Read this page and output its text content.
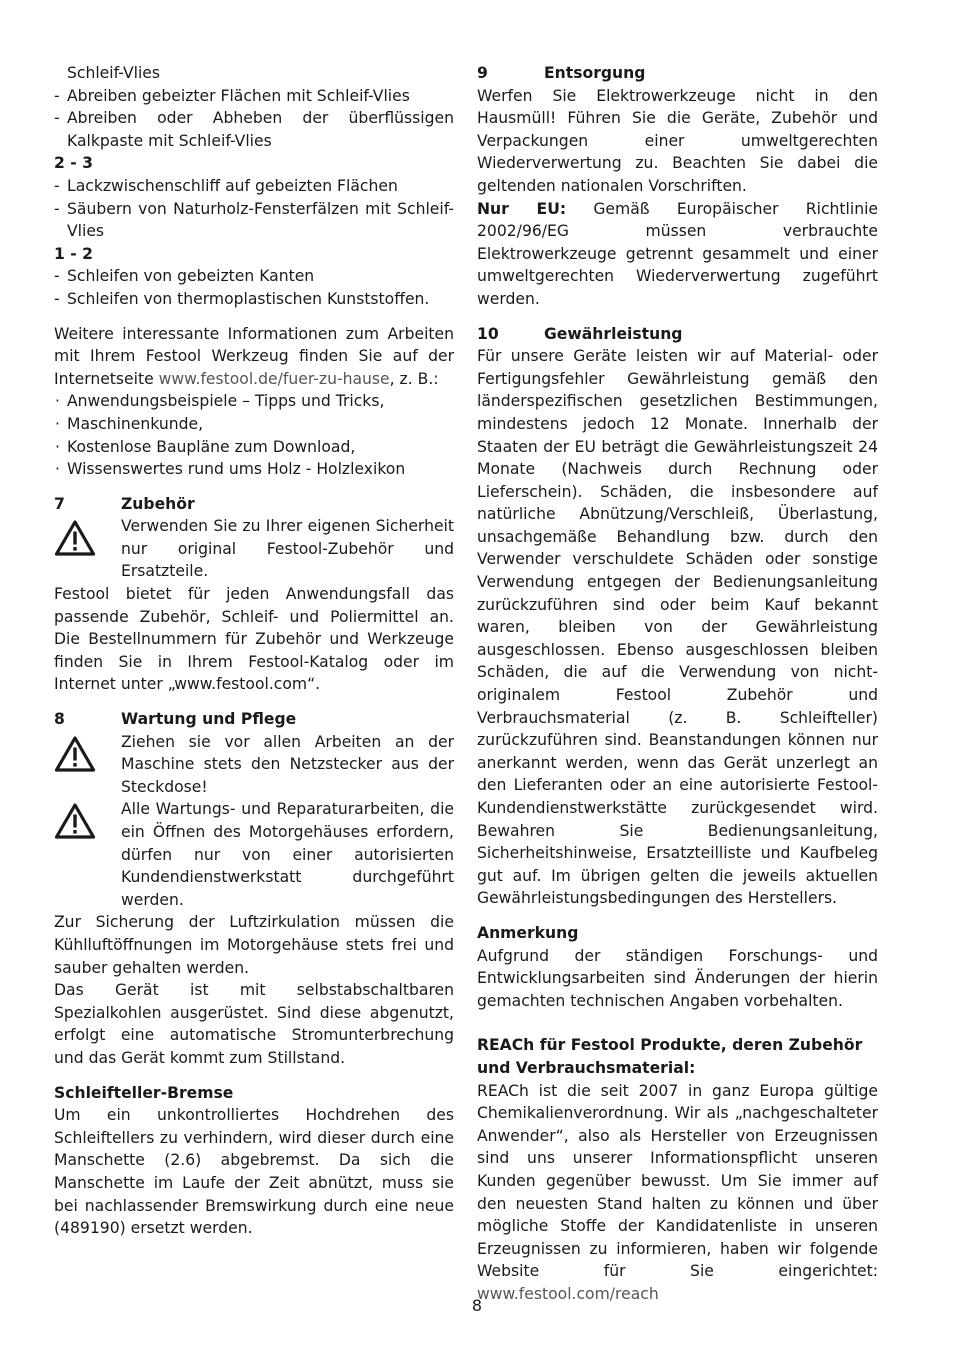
Schleif-Vlies

- Abreiben gebeizter Flächen mit Schleif-Vlies

- Abreiben oder Abheben der überflüssigen Kalkpaste mit Schleif-Vlies

2 - 3

- Lackzwischenschliff auf gebeizten Flächen

- Säubern von Naturholz-Fensterfälzen mit Schleif-Vlies

1 - 2

- Schleifen von gebeizten Kanten

- Schleifen von thermoplastischen Kunststoffen.

Weitere interessante Informationen zum Arbeiten mit Ihrem Festool Werkzeug finden Sie auf der Internetseite www.festool.de/fuer-zu-hause, z. B.:

· Anwendungsbeispiele – Tipps und Tricks,

· Maschinenkunde,

· Kostenlose Baupläne zum Download,

· Wissenswertes rund ums Holz - Holzlexikon

7	Zubehör

Verwenden Sie zu Ihrer eigenen Sicherheit nur original Festool-Zubehör und Ersatzteile.

Festool bietet für jeden Anwendungsfall das passende Zubehör, Schleif- und Poliermittel an. Die Bestellnummern für Zubehör und Werkzeuge finden Sie in Ihrem Festool-Katalog oder im Internet unter „www.festool.com“.

8	Wartung und Pflege

Ziehen sie vor allen Arbeiten an der Maschine stets den Netzstecker aus der Steckdose!

Alle Wartungs- und Reparaturarbeiten, die ein Öffnen des Motorgehäuses erfordern, dürfen nur von einer autorisierten Kundendienstwerkstatt durchgeführt werden.

Zur Sicherung der Luftzirkulation müssen die Kühlluftöffnungen im Motorgehäuse stets frei und sauber gehalten werden.

Das Gerät ist mit selbstabschaltbaren Spezialkohlen ausgerüstet. Sind diese abgenutzt, erfolgt eine automatische Stromunterbrechung und das Gerät kommt zum Stillstand.

Schleifteller-Bremse

Um ein unkontrolliertes Hochdrehen des Schleiftellers zu verhindern, wird dieser durch eine Manschette (2.6) abgebremst. Da sich die Manschette im Laufe der Zeit abnützt, muss sie bei nachlassender Bremswirkung durch eine neue (489190) ersetzt werden.

9	Entsorgung

Werfen Sie Elektrowerkzeuge nicht in den Hausmüll! Führen Sie die Geräte, Zubehör und Verpackungen einer umweltgerechten Wiederverwertung zu. Beachten Sie dabei die geltenden nationalen Vorschriften.

Nur EU: Gemäß Europäischer Richtlinie 2002/96/EG müssen verbrauchte Elektrowerkzeuge getrennt gesammelt und einer umweltgerechten Wiederverwertung zugeführt werden.

10	Gewährleistung

Für unsere Geräte leisten wir auf Material- oder Fertigungsfehler Gewährleistung gemäß den länderspezifischen gesetzlichen Bestimmungen, mindestens jedoch 12 Monate. Innerhalb der Staaten der EU beträgt die Gewährleistungszeit 24 Monate (Nachweis durch Rechnung oder Lieferschein). Schäden, die insbesondere auf natürliche Abnützung/Verschleiß, Überlastung, unsachgemäße Behandlung bzw. durch den Verwender verschuldete Schäden oder sonstige Verwendung entgegen der Bedienungsanleitung zurückzuführen sind oder beim Kauf bekannt waren, bleiben von der Gewährleistung ausgeschlossen. Ebenso ausgeschlossen bleiben Schäden, die auf die Verwendung von nicht-originalem Festool Zubehör und Verbrauchsmaterial (z. B. Schleifteller) zurückzuführen sind. Beanstandungen können nur anerkannt werden, wenn das Gerät unzerlegt an den Lieferanten oder an eine autorisierte Festool-Kundendienstwerkstätte zurückgesendet wird. Bewahren Sie Bedienungsanleitung, Sicherheitshinweise, Ersatzteilliste und Kaufbeleg gut auf. Im übrigen gelten die jeweils aktuellen Gewährleistungsbedingungen des Herstellers.

Anmerkung

Aufgrund der ständigen Forschungs- und Entwicklungsarbeiten sind Änderungen der hierin gemachten technischen Angaben vorbehalten.

REACh für Festool Produkte, deren Zubehör und Verbrauchsmaterial:

REACh ist die seit 2007 in ganz Europa gültige Chemikalienverordnung. Wir als „nachgeschalteter Anwender“, also als Hersteller von Erzeugnissen sind uns unserer Informationspflicht unseren Kunden gegenüber bewusst. Um Sie immer auf den neuesten Stand halten zu können und über mögliche Stoffe der Kandidatenliste in unseren Erzeugnissen zu informieren, haben wir folgende Website für Sie eingerichtet: www.festool.com/reach

8
